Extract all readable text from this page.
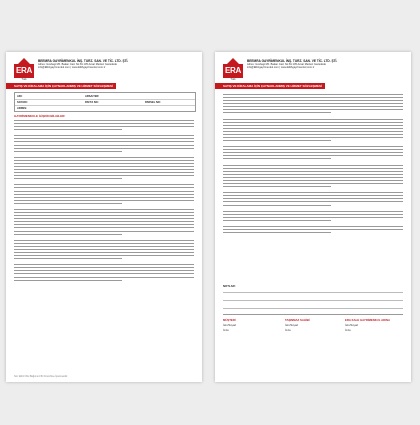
ERA
Türk
BEEMRA GAYRİMENKUL İNŞ. TURZ. SAN. VE TİC. LTD. ŞTİ.
Adres: Gosbagi Mh. Bakan Cad. No:81 105 Avsar Merkez Gazedede
info@ERAgayrimenkul.com | www.ERAgayrimenkul.com.tr
SATIŞ VE KİRALAMA İÇİN ÇAYNAKLANMIŞ VE HİZMET SÖZLEŞMESİ
ADI:	ARSA/YER:
SOYADI:	PAFTA NO:	PARSEL NO:
ADRES:
GAYRİMENKULE İLİŞKİN BİLGİLER:
Not: ERA Ofisi Bağımsız Bir Franchise İşletmesidir.
ERA
Türk
BEEMRA GAYRİMENKUL İNŞ. TURZ. SAN. VE TİC. LTD. ŞTİ.
Adres: Gosbagi Mh. Bakan Cad. No:81 105 Avsar Merkez Gazedede
info@ERAgayrimenkul.com | www.ERAgayrimenkul.com.tr
SATIŞ VE KİRALAMA İÇİN ÇAYNAKLANMIŞ VE HİZMET SÖZLEŞMESİ
NOTLAR:
MÜŞTERİ
İsim/Soyad
İmza
TAŞINMAZ SAHİBİ
İsim/Soyad
İmza
ERA KALE GAYRİMENKUL ADINA
İsim/Soyad
İmza
